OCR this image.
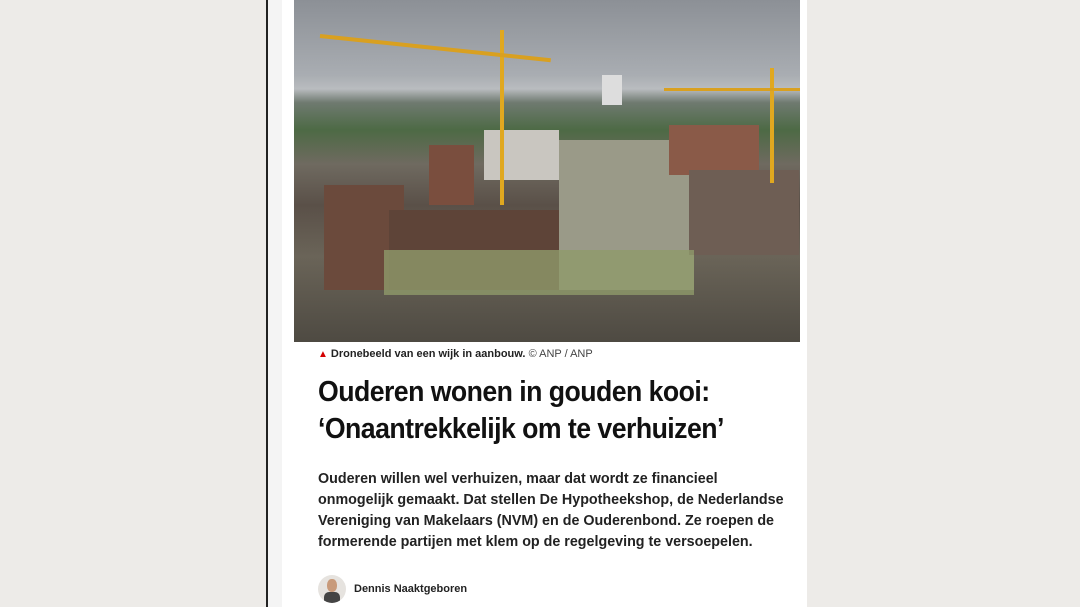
▲ Dronebeeld van een wijk in aanbouw. © ANP / ANP
Ouderen wonen in gouden kooi: ‘Onaantrekkelijk om te verhuizen’
Ouderen willen wel verhuizen, maar dat wordt ze financieel onmogelijk gemaakt. Dat stellen De Hypotheekshop, de Nederlandse Vereniging van Makelaars (NVM) en de Ouderenbond. Ze roepen de formerende partijen met klem op de regelgeving te versoepelen.
Dennis Naaktgeboren
